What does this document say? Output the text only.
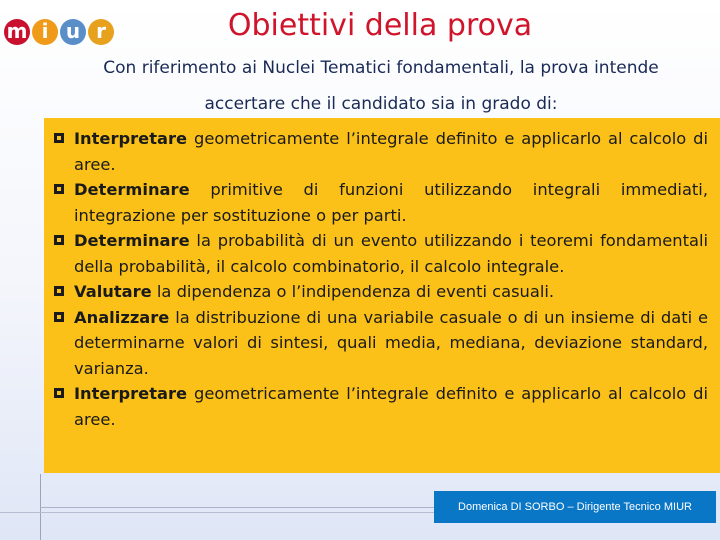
m i u r	Obiettivi della prova
Con riferimento ai Nuclei Tematici fondamentali, la prova intende
accertare che il candidato sia in grado di:
Interpretare geometricamente l’integrale definito e applicarlo al calcolo di aree.
Determinare primitive di funzioni utilizzando integrali immediati, integrazione per sostituzione o per parti.
Determinare la probabilità di un evento utilizzando i teoremi fondamentali della probabilità, il calcolo combinatorio, il calcolo integrale.
Valutare la dipendenza o l’indipendenza di eventi casuali.
Analizzare la distribuzione di una variabile casuale o di un insieme di dati e determinarne valori di sintesi, quali media, mediana, deviazione standard, varianza.
Interpretare geometricamente l’integrale definito e applicarlo al calcolo di aree.
Domenica DI SORBO – Dirigente Tecnico MIUR
